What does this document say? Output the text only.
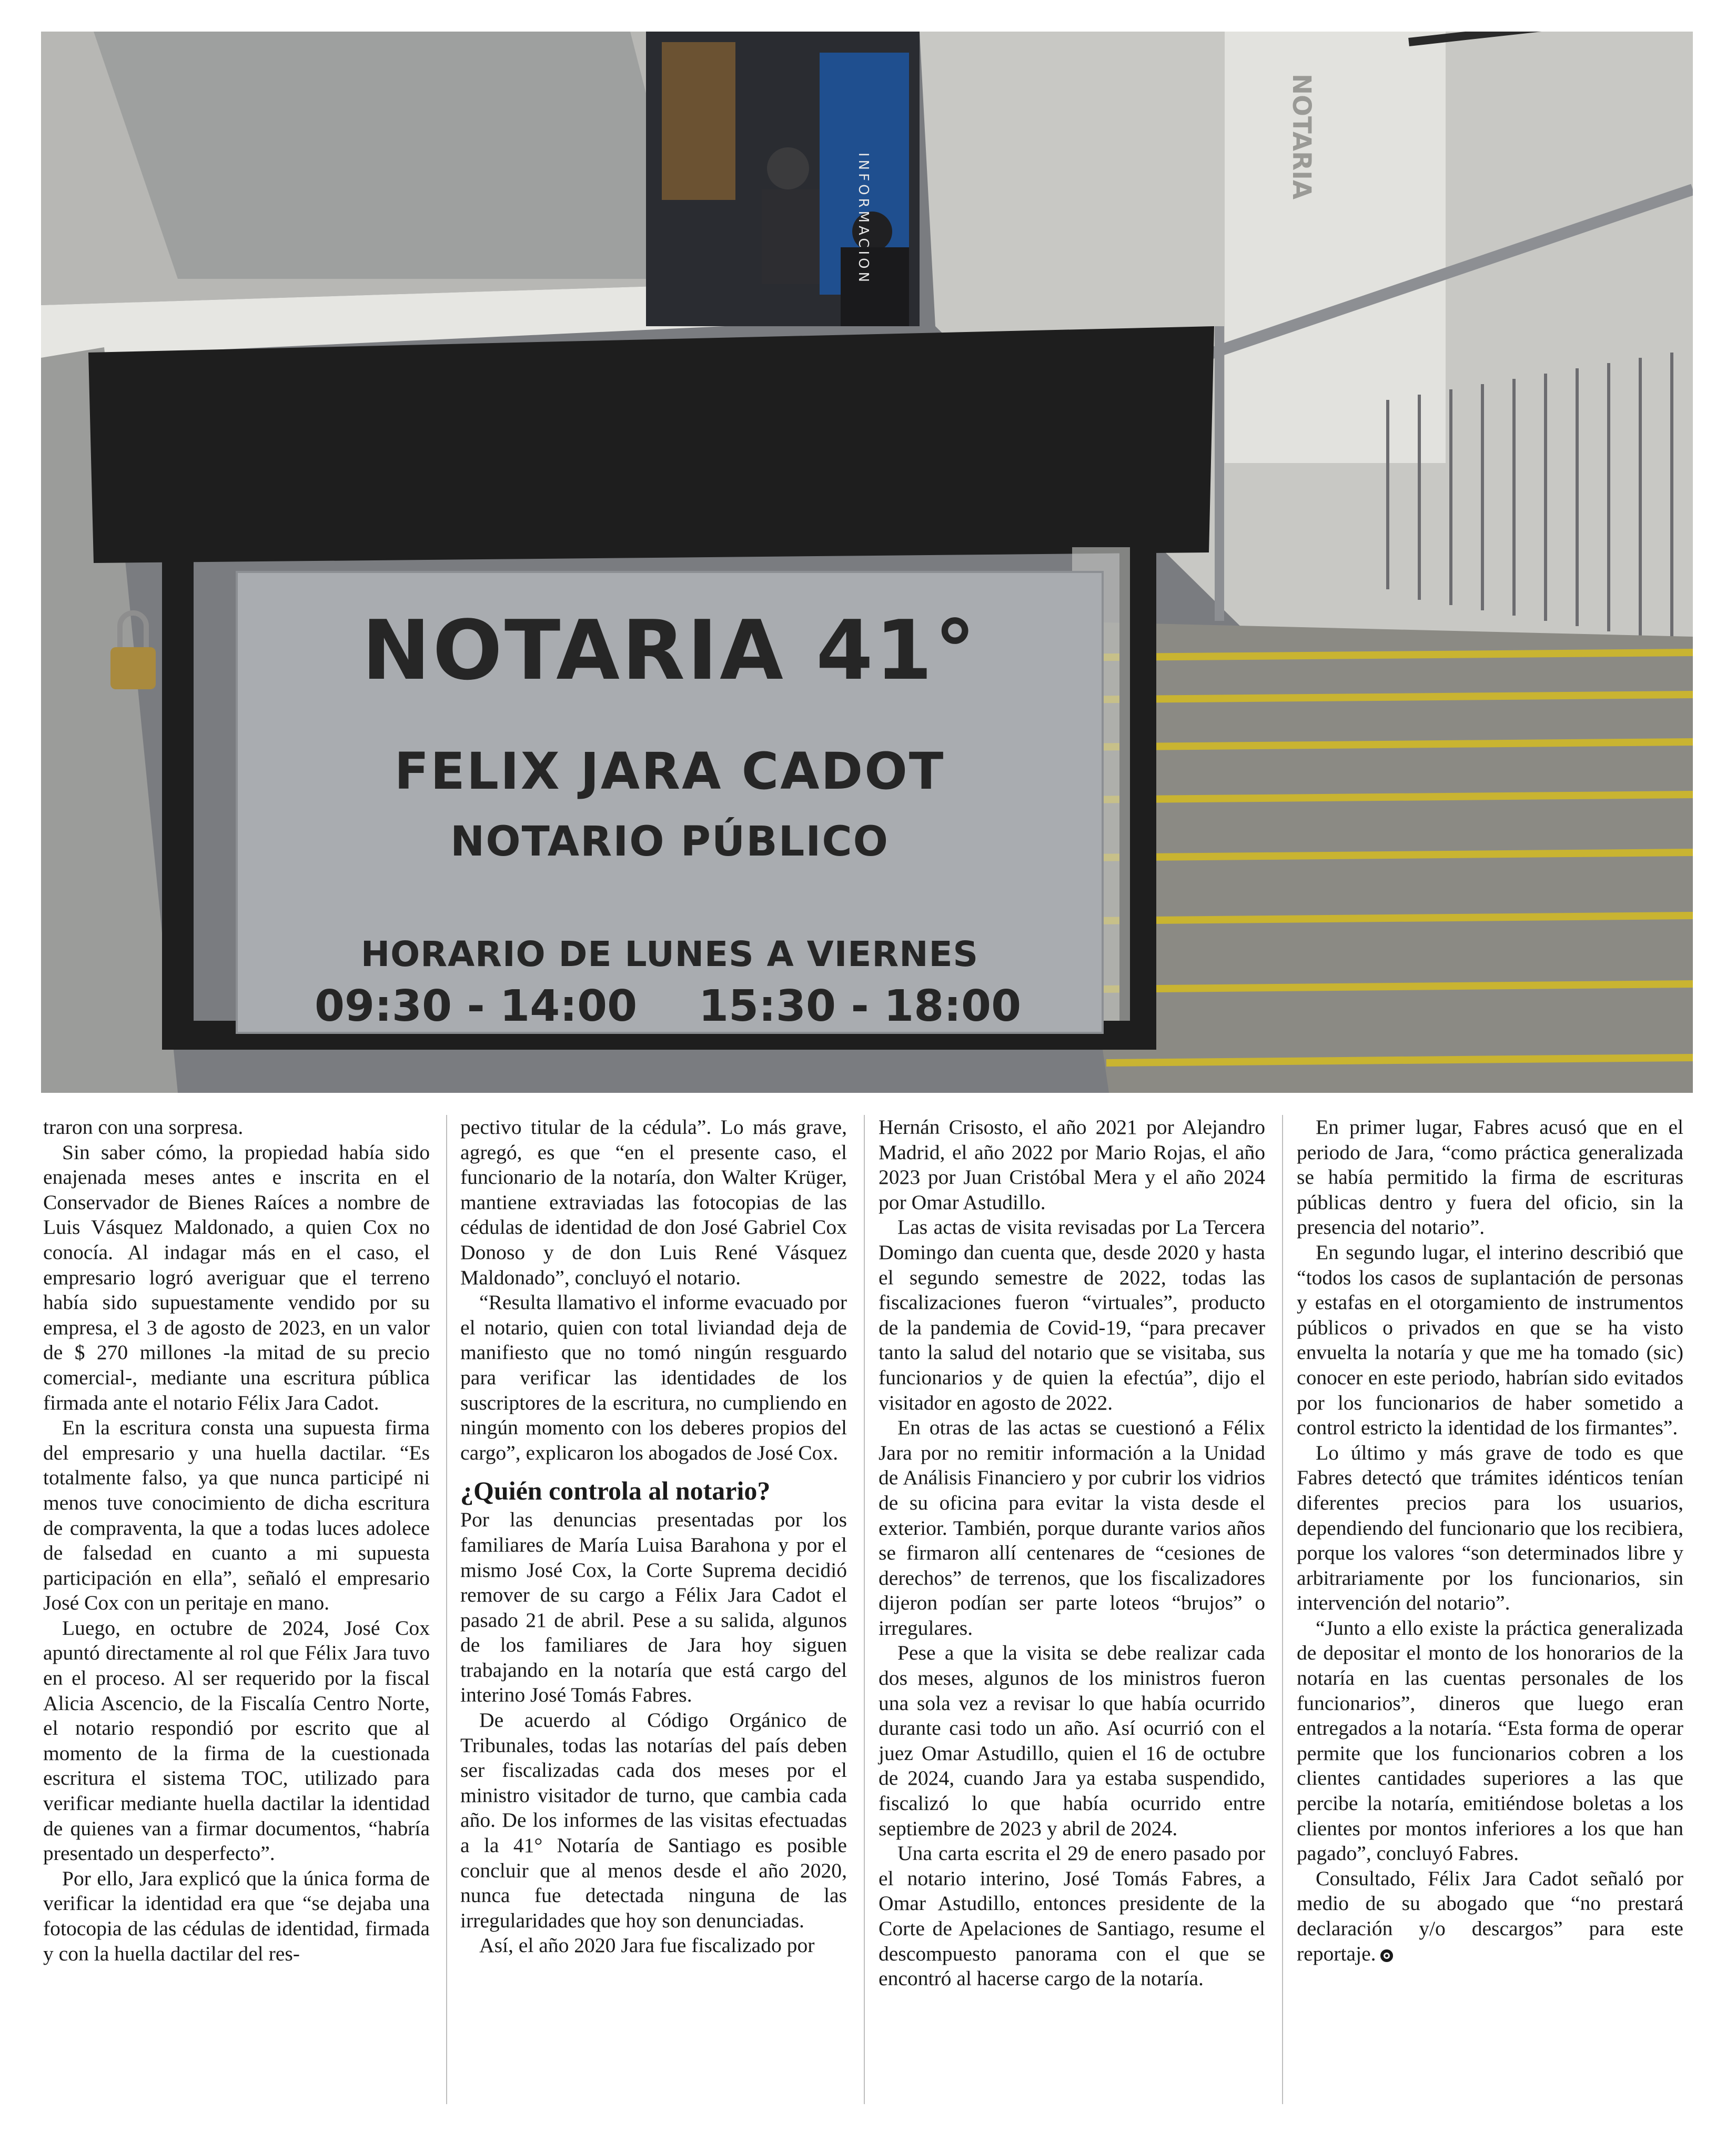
INFORMACION
NOTARIA
NOTARIA 41°
FELIX JARA CADOT
NOTARIO PÚBLICO
HORARIO DE LUNES A VIERNES
09:30 - 14:00 15:30 - 18:00

traron con una sorpresa.

Sin saber cómo, la propiedad había sido enajenada meses antes e inscrita en el Conservador de Bienes Raíces a nombre de Luis Vásquez Maldonado, a quien Cox no conocía. Al indagar más en el caso, el empresario logró averiguar que el terreno había sido supuestamente vendido por su empresa, el 3 de agosto de 2023, en un valor de $ 270 millones -la mitad de su precio comercial-, mediante una escritura pública firmada ante el notario Félix Jara Cadot.

En la escritura consta una supuesta firma del empresario y una huella dactilar. “Es totalmente falso, ya que nunca participé ni menos tuve conocimiento de dicha escritura de compraventa, la que a todas luces adolece de falsedad en cuanto a mi supuesta participación en ella”, señaló el empresario José Cox con un peritaje en mano.

Luego, en octubre de 2024, José Cox apuntó directamente al rol que Félix Jara tuvo en el proceso. Al ser requerido por la fiscal Alicia Ascencio, de la Fiscalía Centro Norte, el notario respondió por escrito que al momento de la firma de la cuestionada escritura el sistema TOC, utilizado para verificar mediante huella dactilar la identidad de quienes van a firmar documentos, “habría presentado un desperfecto”.

Por ello, Jara explicó que la única forma de verificar la identidad era que “se dejaba una fotocopia de las cédulas de identidad, firmada y con la huella dactilar del res-

pectivo titular de la cédula”. Lo más grave, agregó, es que “en el presente caso, el funcionario de la notaría, don Walter Krüger, mantiene extraviadas las fotocopias de las cédulas de identidad de don José Gabriel Cox Donoso y de don Luis René Vásquez Maldonado”, concluyó el notario.

“Resulta llamativo el informe evacuado por el notario, quien con total liviandad deja de manifiesto que no tomó ningún resguardo para verificar las identidades de los suscriptores de la escritura, no cumpliendo en ningún momento con los deberes propios del cargo”, explicaron los abogados de José Cox.

¿Quién controla al notario?

Por las denuncias presentadas por los familiares de María Luisa Barahona y por el mismo José Cox, la Corte Suprema decidió remover de su cargo a Félix Jara Cadot el pasado 21 de abril. Pese a su salida, algunos de los familiares de Jara hoy siguen trabajando en la notaría que está cargo del interino José Tomás Fabres.

De acuerdo al Código Orgánico de Tribunales, todas las notarías del país deben ser fiscalizadas cada dos meses por el ministro visitador de turno, que cambia cada año. De los informes de las visitas efectuadas a la 41° Notaría de Santiago es posible concluir que al menos desde el año 2020, nunca fue detectada ninguna de las irregularidades que hoy son denunciadas.

Así, el año 2020 Jara fue fiscalizado por

Hernán Crisosto, el año 2021 por Alejandro Madrid, el año 2022 por Mario Rojas, el año 2023 por Juan Cristóbal Mera y el año 2024 por Omar Astudillo.

Las actas de visita revisadas por La Tercera Domingo dan cuenta que, desde 2020 y hasta el segundo semestre de 2022, todas las fiscalizaciones fueron “virtuales”, producto de la pandemia de Covid-19, “para precaver tanto la salud del notario que se visitaba, sus funcionarios y de quien la efectúa”, dijo el visitador en agosto de 2022.

En otras de las actas se cuestionó a Félix Jara por no remitir información a la Unidad de Análisis Financiero y por cubrir los vidrios de su oficina para evitar la vista desde el exterior. También, porque durante varios años se firmaron allí centenares de “cesiones de derechos” de terrenos, que los fiscalizadores dijeron podían ser parte loteos “brujos” o irregulares.

Pese a que la visita se debe realizar cada dos meses, algunos de los ministros fueron una sola vez a revisar lo que había ocurrido durante casi todo un año. Así ocurrió con el juez Omar Astudillo, quien el 16 de octubre de 2024, cuando Jara ya estaba suspendido, fiscalizó lo que había ocurrido entre septiembre de 2023 y abril de 2024.

Una carta escrita el 29 de enero pasado por el notario interino, José Tomás Fabres, a Omar Astudillo, entonces presidente de la Corte de Apelaciones de Santiago, resume el descompuesto panorama con el que se encontró al hacerse cargo de la notaría.

En primer lugar, Fabres acusó que en el periodo de Jara, “como práctica generalizada se había permitido la firma de escrituras públicas dentro y fuera del oficio, sin la presencia del notario”.

En segundo lugar, el interino describió que “todos los casos de suplantación de personas y estafas en el otorgamiento de instrumentos públicos o privados en que se ha visto envuelta la notaría y que me ha tomado (sic) conocer en este periodo, habrían sido evitados por los funcionarios de haber sometido a control estricto la identidad de los firmantes”.

Lo último y más grave de todo es que Fabres detectó que trámites idénticos tenían diferentes precios para los usuarios, dependiendo del funcionario que los recibiera, porque los valores “son determinados libre y arbitrariamente por los funcionarios, sin intervención del notario”.

“Junto a ello existe la práctica generalizada de depositar el monto de los honorarios de la notaría en las cuentas personales de los funcionarios”, dineros que luego eran entregados a la notaría. “Esta forma de operar permite que los funcionarios cobren a los clientes cantidades superiores a las que percibe la notaría, emitiéndose boletas a los clientes por montos inferiores a los que han pagado”, concluyó Fabres.

Consultado, Félix Jara Cadot señaló por medio de su abogado que “no prestará declaración y/o descargos” para este reportaje.
